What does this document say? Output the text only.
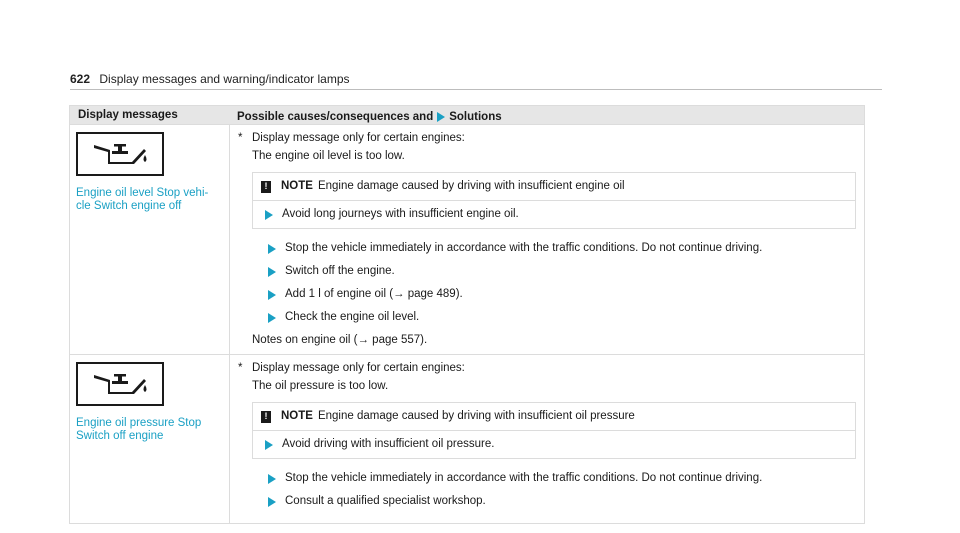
622 Display messages and warning/indicator lamps
Display messages	Possible causes/consequences and Solutions
Engine oil level Stop vehi-
cle Switch engine off
* Display message only for certain engines:
The engine oil level is too low.
!	NOTE Engine damage caused by driving with insufficient engine oil
Avoid long journeys with insufficient engine oil.
Stop the vehicle immediately in accordance with the traffic conditions. Do not continue driving.
Switch off the engine.
Add 1 l of engine oil (→ page 489).
Check the engine oil level.
Notes on engine oil (→ page 557).
Engine oil pressure Stop
Switch off engine
* Display message only for certain engines:
The oil pressure is too low.
!	NOTE Engine damage caused by driving with insufficient oil pressure
Avoid driving with insufficient oil pressure.
Stop the vehicle immediately in accordance with the traffic conditions. Do not continue driving.
Consult a qualified specialist workshop.
